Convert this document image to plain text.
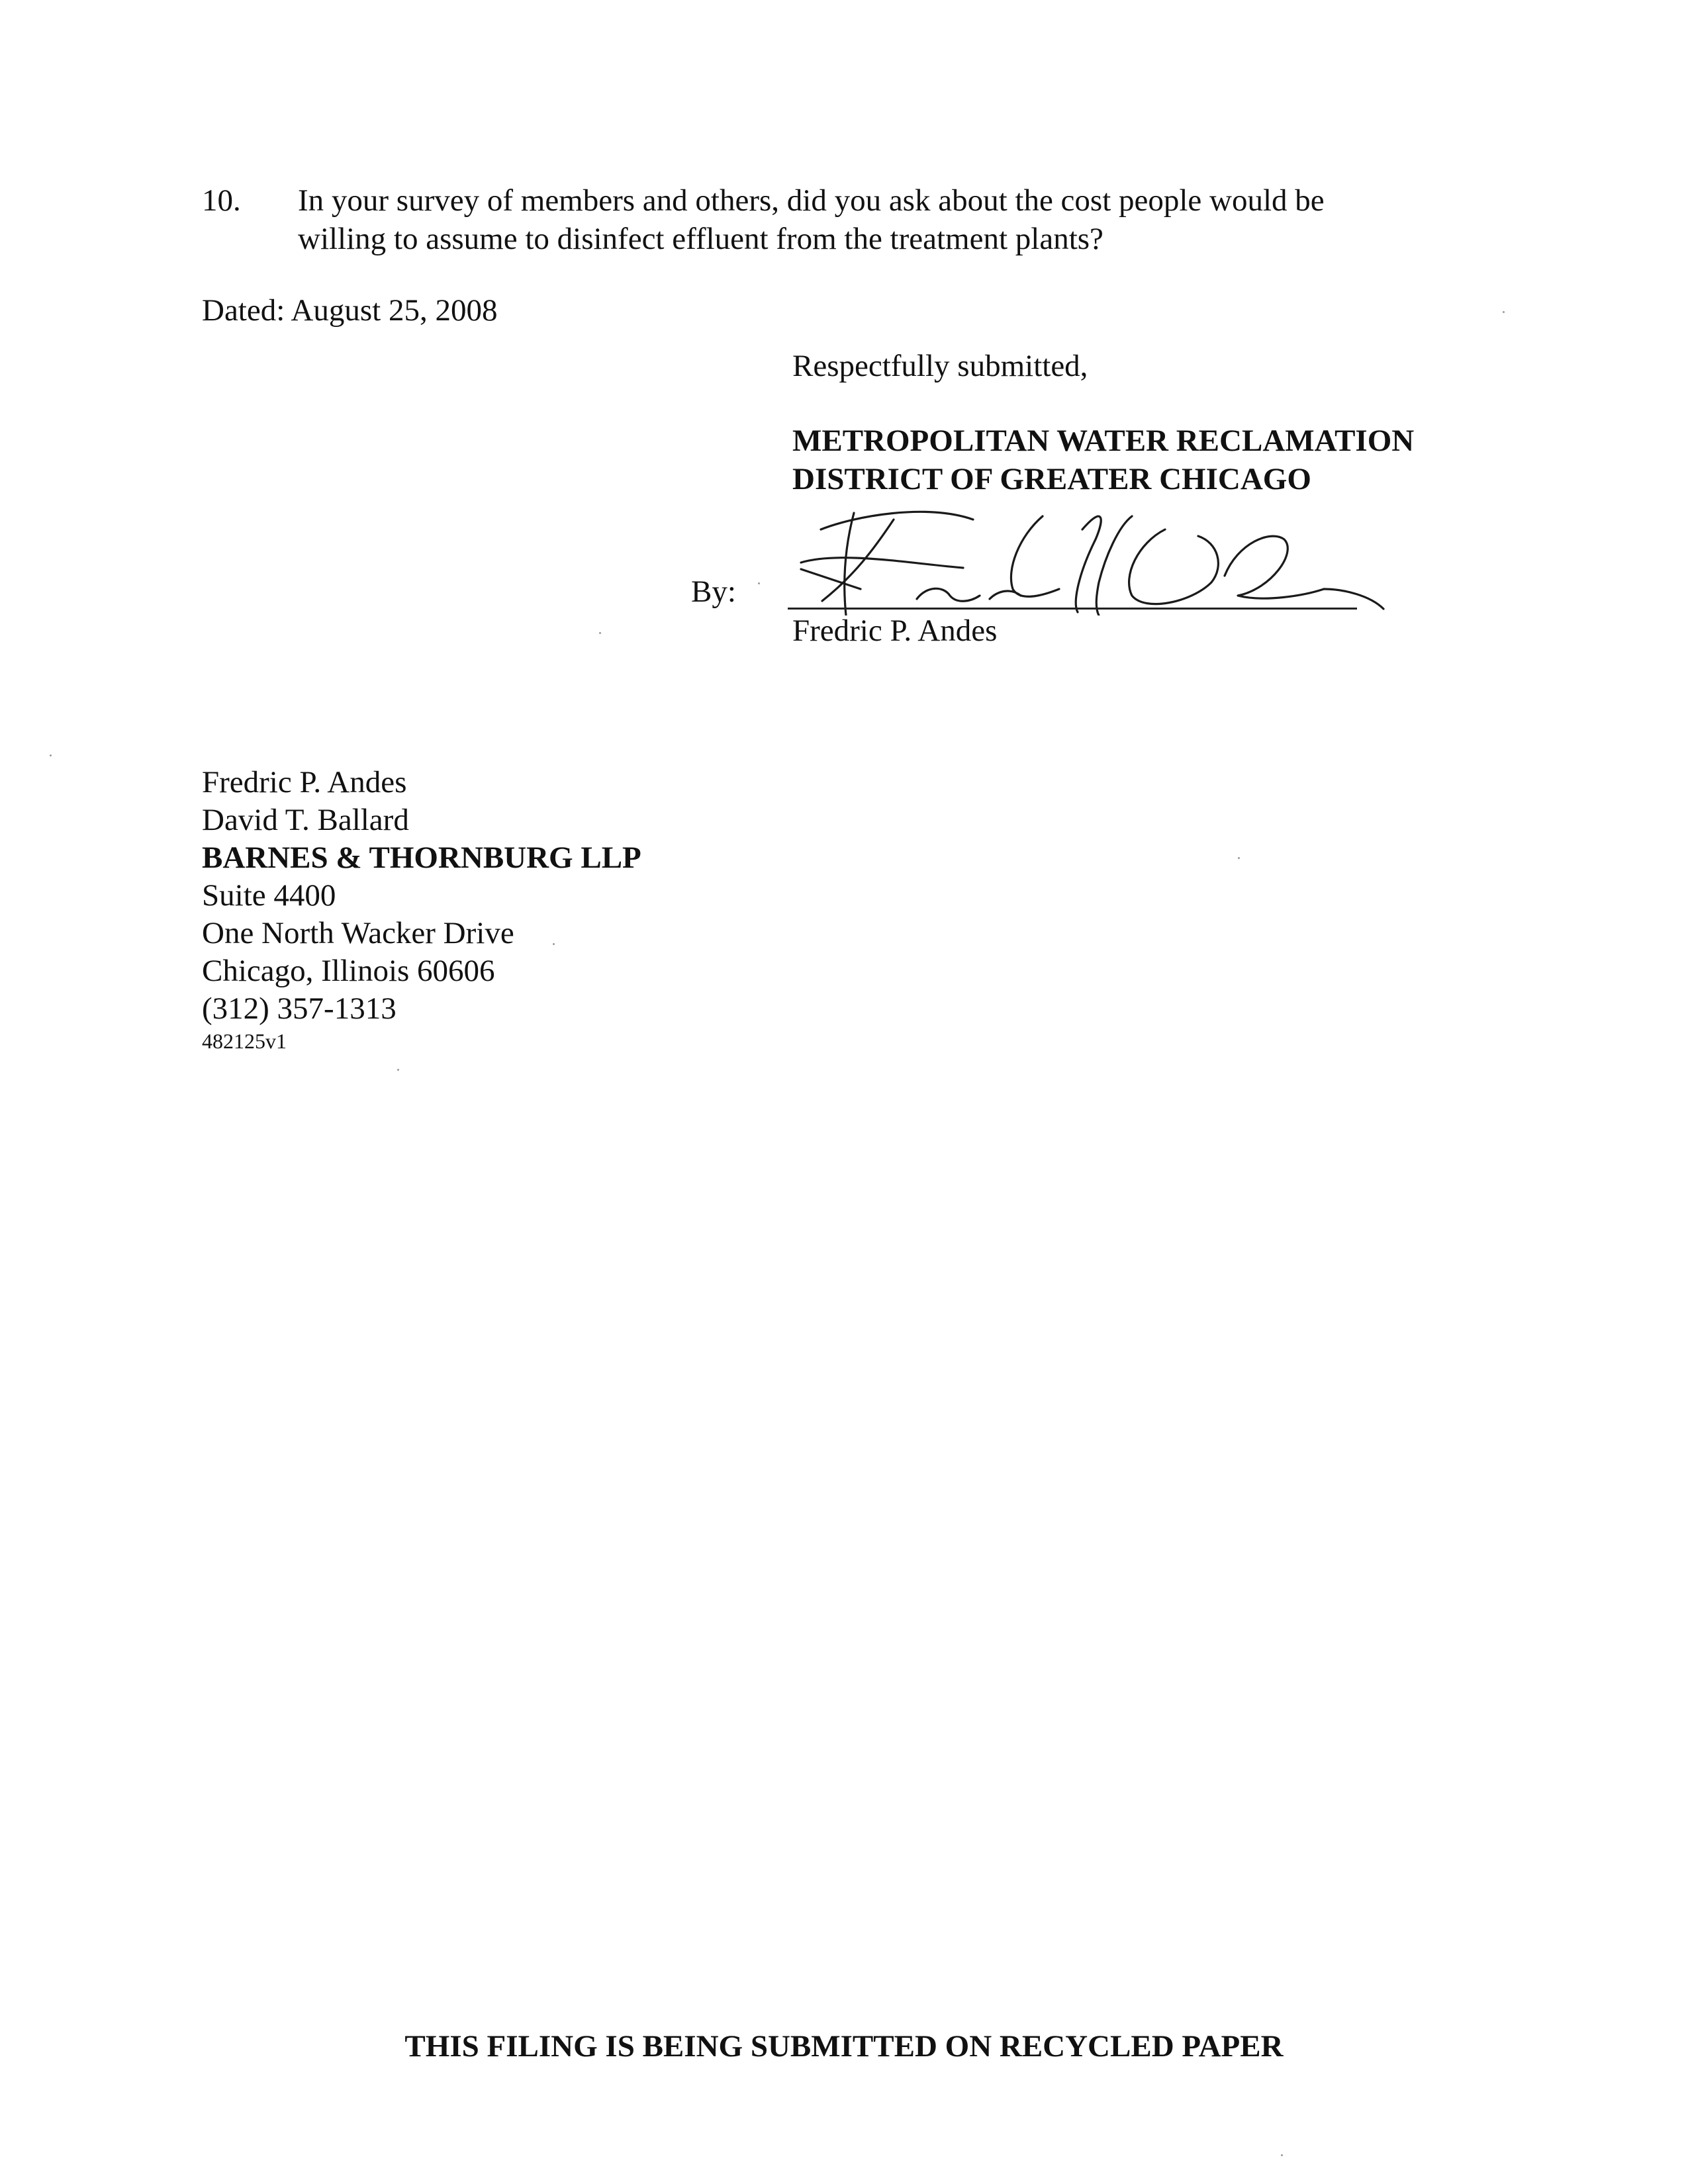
10. In your survey of members and others, did you ask about the cost people would be
willing to assume to disinfect effluent from the treatment plants?
Dated: August 25, 2008
Respectfully submitted,
METROPOLITAN WATER RECLAMATION
DISTRICT OF GREATER CHICAGO
By:
Fredric P. Andes
Fredric P. Andes
David T. Ballard
BARNES & THORNBURG LLP
Suite 4400
One North Wacker Drive
Chicago, Illinois 60606
(312) 357-1313
482125v1
THIS FILING IS BEING SUBMITTED ON RECYCLED PAPER
